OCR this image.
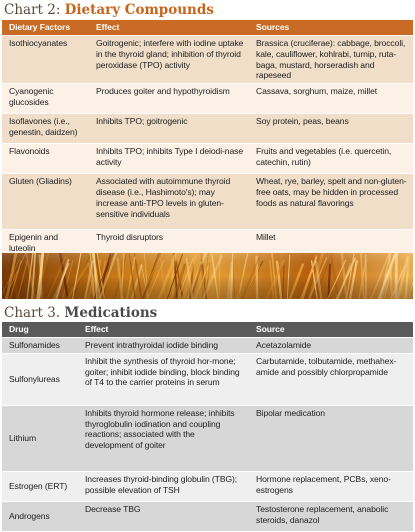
Chart 2: Dietary Compounds
Dietary Factors	Effect	Sources
Isothiocyanates	Goitrogenic; interfere with iodine uptake in the thyroid gland; inhibition of thyroid peroxidase (TPO) activity	Brassica (cruciferae): cabbage, broccoli, kale, cauliflower, kohlrabi, turnip, ruta-baga, mustard, horseradish and rapeseed
Cyanogenic glucosides	Produces goiter and hypothyroidism	Cassava, sorghum, maize, millet
Isoflavones (i.e., genestin, daidzen)	Inhibits TPO; goitrogenic	Soy protein, peas, beans
Flavonoids	Inhibits TPO; inhibits Type I deiodi-nase activity	Fruits and vegetables (i.e. quercetin, catechin, rutin)
Gluten (Gliadins)	Associated with autoimmune thyroid disease (i.e., Hashimoto's); may increase anti-TPO levels in gluten-sensitive individuals	Wheat, rye, barley, spelt and non-gluten-free oats, may be hidden in processed foods as natural flavorings
Epigenin and luteolin	Thyroid disruptors	Millet
Chart 3. Medications
Drug	Effect	Source
Sulfonamides	Prevent intrathyroidal iodide binding	Acetazolamide
Sulfonylureas	Inhibit the synthesis of thyroid hor-mone; goiter; inhibit iodide binding, block binding of T4 to the carrier proteins in serum	Carbutamide, tolbutamide, methahex-amide and possibly chlorpropamide
Lithium	Inhibits thyroid hormone release; inhibits thyroglobulin iodination and coupling reactions; associated with the development of goiter	Bipolar medication
Estrogen (ERT)	Increases thyroid-binding globulin (TBG); possible elevation of TSH	Hormone replacement, PCBs, xeno-estrogens
Androgens	Decrease TBG	Testosterone replacement, anabolic steroids, danazol
